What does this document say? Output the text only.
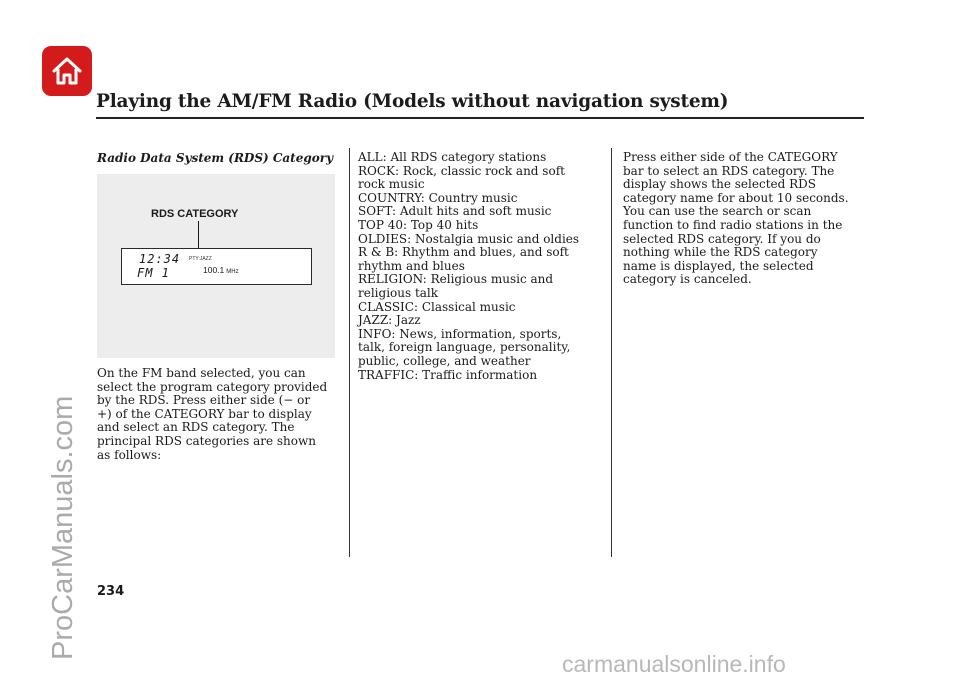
Playing the AM/FM Radio (Models without navigation system)
Radio Data System (RDS) Category
RDS CATEGORY
12:34
FM 1
PTY:JAZZ
100.1 MHz
On the FM band selected, you can
select the program category provided
by the RDS. Press either side (− or
+) of the CATEGORY bar to display
and select an RDS category. The
principal RDS categories are shown
as follows:
ALL: All RDS category stations
ROCK: Rock, classic rock and soft
rock music
COUNTRY: Country music
SOFT: Adult hits and soft music
TOP 40: Top 40 hits
OLDIES: Nostalgia music and oldies
R & B: Rhythm and blues, and soft
rhythm and blues
RELIGION: Religious music and
religious talk
CLASSIC: Classical music
JAZZ: Jazz
INFO: News, information, sports,
talk, foreign language, personality,
public, college, and weather
TRAFFIC: Traffic information
Press either side of the CATEGORY
bar to select an RDS category. The
display shows the selected RDS
category name for about 10 seconds.
You can use the search or scan
function to find radio stations in the
selected RDS category. If you do
nothing while the RDS category
name is displayed, the selected
category is canceled.
234
ProCarManuals.com
carmanualsonline.info
